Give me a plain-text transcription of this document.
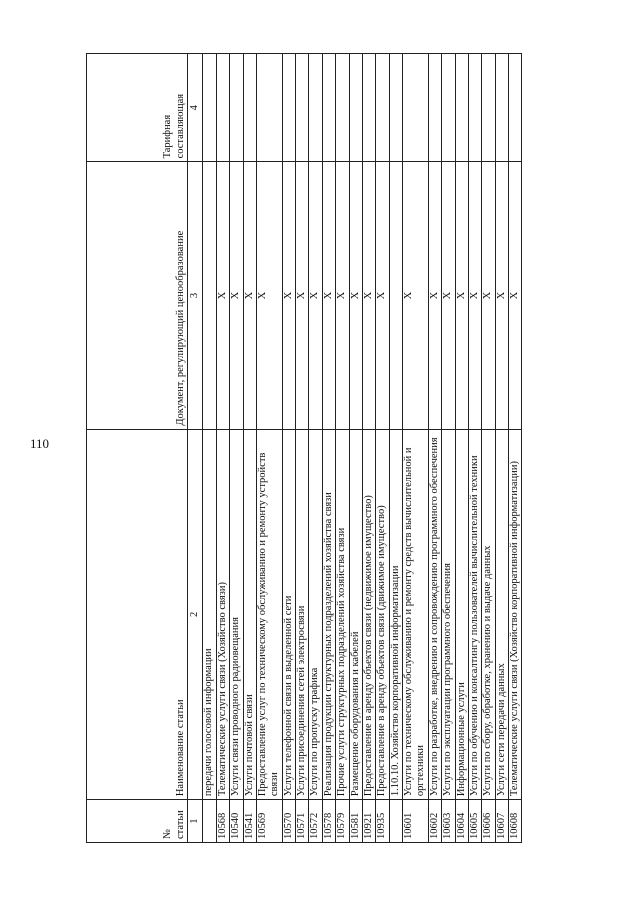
110
№
статьи	Наименование статьи	Документ, регулирующий ценообразование	Тарифная составляющая
1	2	3	4
	передачи голосовой информации		
10568	Телематические услуги связи (Хозяйство связи)	X	
10540	Услуги связи проводного радиовещания	X	
10541	Услуги почтовой связи	X	
10569	Предоставление услуг по техническому обслуживанию и ремонту устройств связи	X	
10570	Услуги телефонной связи в выделенной сети	X	
10571	Услуги присоединения сетей электросвязи	X	
10572	Услуги по пропуску трафика	X	
10578	Реализация продукции структурных подразделений хозяйства связи	X	
10579	Прочие услуги структурных подразделений хозяйства связи	X	
10581	Размещение оборудования и кабелей	X	
10921	Предоставление в аренду объектов связи (недвижимое имущество)	X	
10935	Предоставление в аренду объектов связи (движимое имущество)	X	
	1.10.10. Хозяйство корпоративной информатизации		
10601	Услуги по техническому обслуживанию и ремонту средств вычислительной и оргтехники	X	
10602	Услуги по разработке, внедрению и сопровождению программного обеспечения	X	
10603	Услуги по эксплуатации программного обеспечения	X	
10604	Информационные услуги	X	
10605	Услуги по обучению и консалтингу пользователей вычислительной техники	X	
10606	Услуги по сбору, обработке, хранению и выдаче данных	X	
10607	Услуги сети передачи данных	X	
10608	Телематические услуги связи (Хозяйство корпоративной информатизации)	X	
